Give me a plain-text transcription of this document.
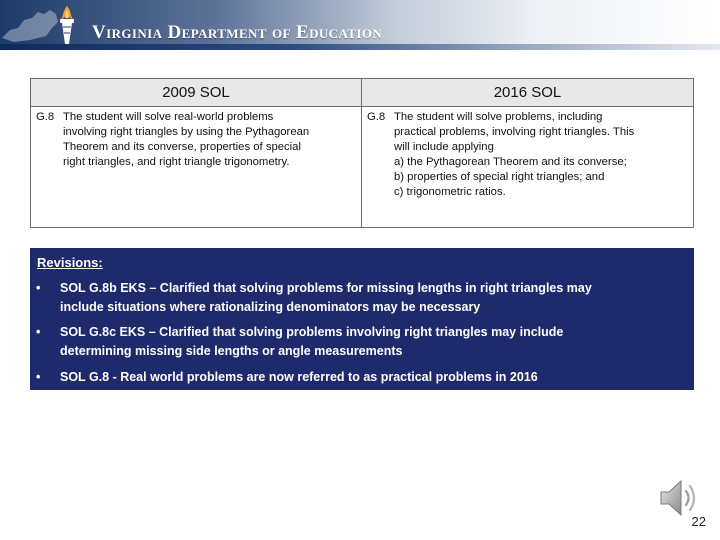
Virginia Department of Education
2009 SOL
G.8 The student will solve real-world problems
involving right triangles by using the Pythagorean
Theorem and its converse, properties of special
right triangles, and right triangle trigonometry.
2016 SOL
G.8 The student will solve problems, including
practical problems, involving right triangles. This
will include applying
a) the Pythagorean Theorem and its converse;
b) properties of special right triangles; and
c) trigonometric ratios.
Revisions:
• SOL G.8b EKS – Clarified that solving problems for missing lengths in right triangles may
include situations where rationalizing denominators may be necessary
• SOL G.8c EKS – Clarified that solving problems involving right triangles may include
determining missing side lengths or angle measurements
• SOL G.8 - Real world problems are now referred to as practical problems in 2016
22
